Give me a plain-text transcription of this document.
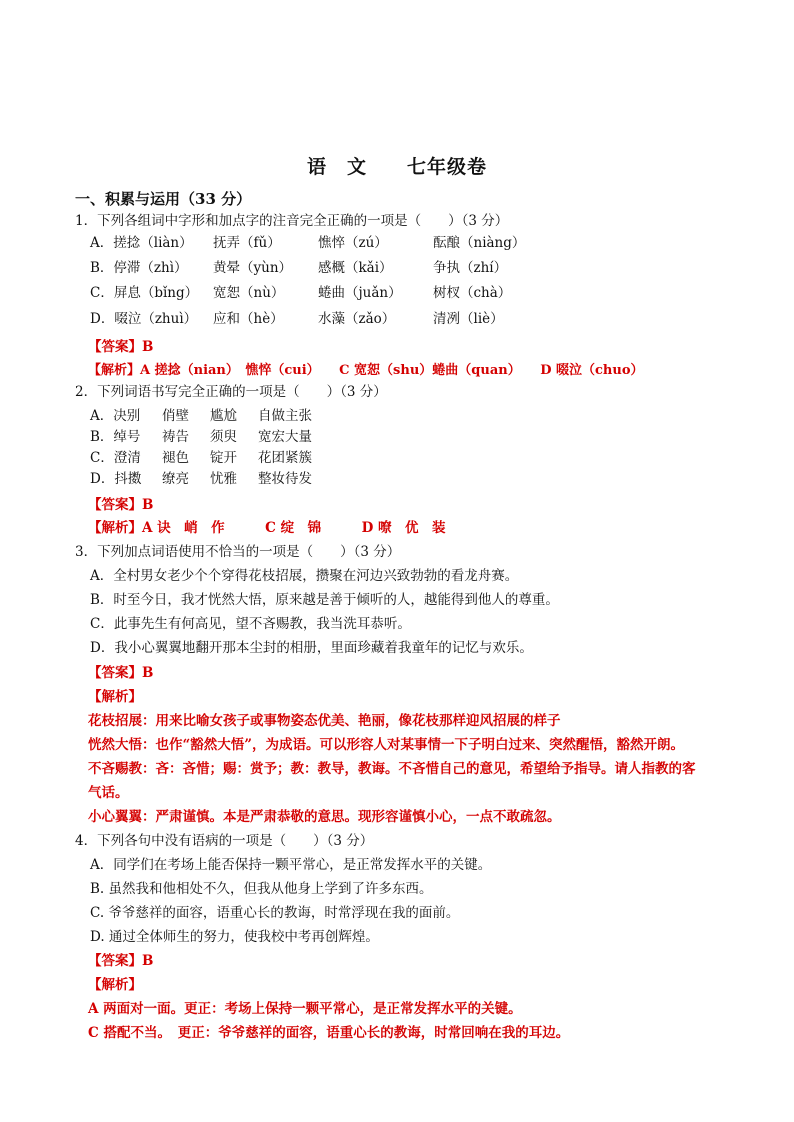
语　文　　七年级卷
一、积累与运用（33 分）
1．下列各组词中字形和加点字的注音完全正确的一项是（　　）（3 分）
A．搓捻（liàn）	抚弄（fǔ）	憔悴（zú）	酝酿（niàng）
B．停滞（zhì）	黄晕（yùn）	感概（kǎi）	争执（zhí）
C．屏息（bǐng）	宽恕（nù）	蜷曲（juǎn）	树杈（chà）
D．啜泣（zhuì）	应和（hè）	水藻（zǎo）	清冽（liè）
【答案】B
【解析】A 搓捻（nian）　憔悴（cui）　　C 宽恕（shu）蜷曲（quan）　　D 啜泣（chuo）
2．下列词语书写完全正确的一项是（　　）（3 分）
A．决别	俏壁	尴尬	自做主张
B．绰号	祷告	须臾	宽宏大量
C．澄清	褪色	锭开	花团紧簇
D．抖擞	缭亮	忧雅	整妆待发
【答案】B
【解析】A 诀　峭　作　　　C 绽　锦　　　D 嘹　优　装
3．下列加点词语使用不恰当的一项是（　　）（3 分）
A．全村男女老少个个穿得花枝招展，攒聚在河边兴致勃勃的看龙舟赛。
B．时至今日，我才恍然大悟，原来越是善于倾听的人，越能得到他人的尊重。
C．此事先生有何高见，望不吝赐教，我当洗耳恭听。
D．我小心翼翼地翻开那本尘封的相册，里面珍藏着我童年的记忆与欢乐。
【答案】B
【解析】
花枝招展：用来比喻女孩子或事物姿态优美、艳丽，像花枝那样迎风招展的样子
恍然大悟：也作“豁然大悟”，为成语。可以形容人对某事情一下子明白过来、突然醒悟，豁然开朗。
不吝赐教：吝：吝惜；赐：赏予；教：教导，教诲。不吝惜自己的意见，希望给予指导。请人指教的客
气话。
小心翼翼：严肃谨慎。本是严肃恭敬的意思。现形容谨慎小心，一点不敢疏忽。
4．下列各句中没有语病的一项是（　　）（3 分）
A．同学们在考场上能否保持一颗平常心，是正常发挥水平的关键。
B. 虽然我和他相处不久，但我从他身上学到了许多东西。
C. 爷爷慈祥的面容，语重心长的教诲，时常浮现在我的面前。
D. 通过全体师生的努力，使我校中考再创辉煌。
【答案】B
【解析】
A 两面对一面。更正：考场上保持一颗平常心，是正常发挥水平的关键。
C 搭配不当。　更正：爷爷慈祥的面容，语重心长的教诲，时常回响在我的耳边。
